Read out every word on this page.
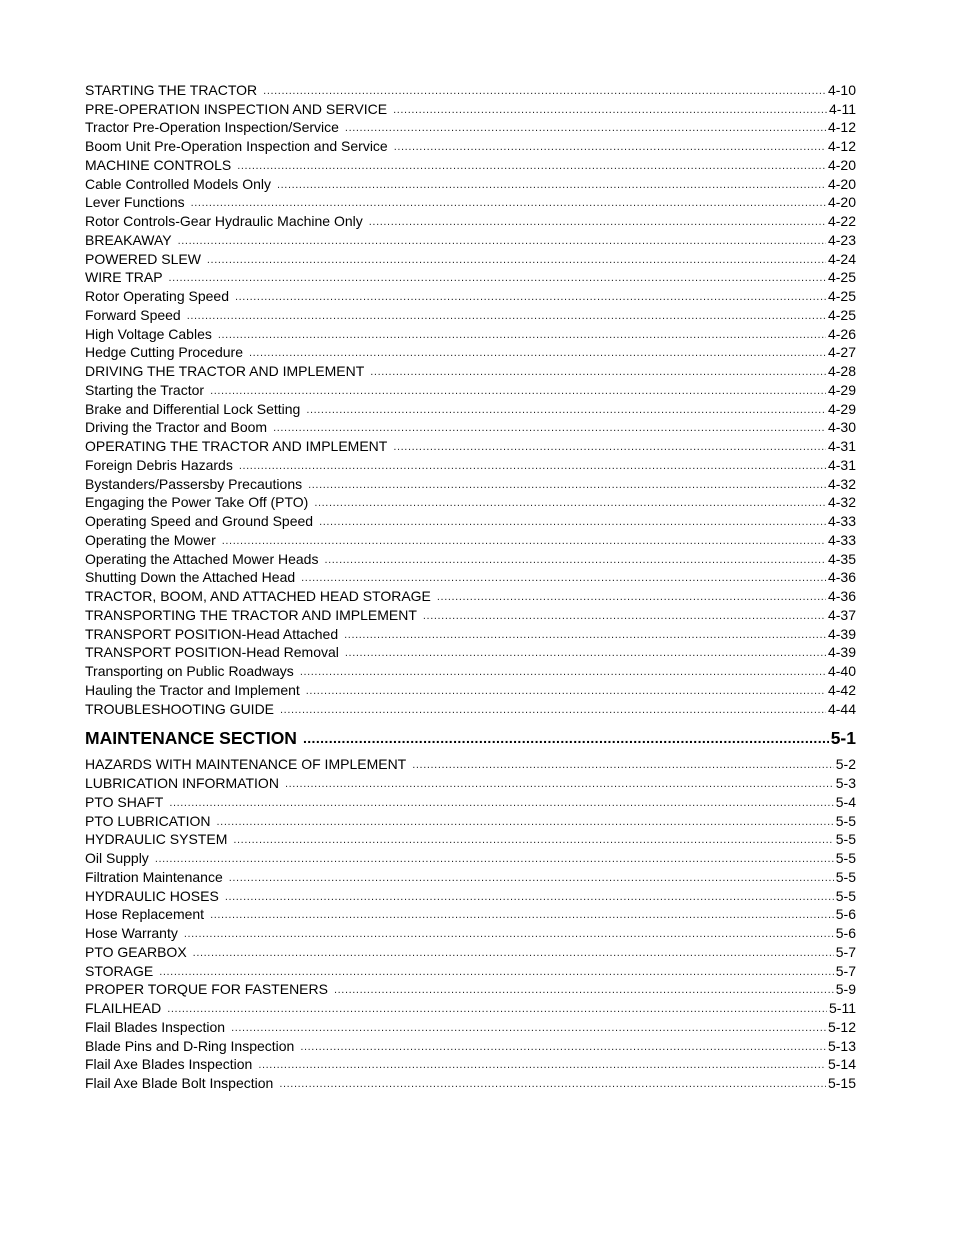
STARTING THE TRACTOR .....	4-10
PRE-OPERATION INSPECTION AND SERVICE .....	4-11
Tractor Pre-Operation Inspection/Service .....	4-12
Boom Unit Pre-Operation Inspection and Service .....	4-12
MACHINE CONTROLS .....	4-20
Cable Controlled Models Only .....	4-20
Lever Functions .....	4-20
Rotor Controls-Gear Hydraulic Machine Only .....	4-22
BREAKAWAY .....	4-23
POWERED SLEW .....	4-24
WIRE TRAP .....	4-25
Rotor Operating Speed .....	4-25
Forward Speed .....	4-25
High Voltage Cables .....	4-26
Hedge Cutting Procedure .....	4-27
DRIVING THE TRACTOR AND IMPLEMENT .....	4-28
Starting the Tractor .....	4-29
Brake and Differential Lock Setting .....	4-29
Driving the Tractor and Boom .....	4-30
OPERATING THE TRACTOR AND IMPLEMENT .....	4-31
Foreign Debris Hazards .....	4-31
Bystanders/Passersby Precautions .....	4-32
Engaging the Power Take Off (PTO) .....	4-32
Operating Speed and Ground Speed .....	4-33
Operating the Mower .....	4-33
Operating the Attached Mower Heads .....	4-35
Shutting Down the Attached Head .....	4-36
TRACTOR, BOOM, AND ATTACHED HEAD STORAGE .....	4-36
TRANSPORTING THE TRACTOR AND IMPLEMENT .....	4-37
TRANSPORT POSITION-Head Attached .....	4-39
TRANSPORT POSITION-Head Removal .....	4-39
Transporting on Public Roadways .....	4-40
Hauling the Tractor and Implement .....	4-42
TROUBLESHOOTING GUIDE .....	4-44
MAINTENANCE SECTION .....	5-1
HAZARDS WITH MAINTENANCE OF IMPLEMENT .....	5-2
LUBRICATION INFORMATION .....	5-3
PTO SHAFT .....	5-4
PTO LUBRICATION .....	5-5
HYDRAULIC SYSTEM .....	5-5
Oil Supply .....	5-5
Filtration Maintenance .....	5-5
HYDRAULIC HOSES .....	5-5
Hose Replacement .....	5-6
Hose Warranty .....	5-6
PTO GEARBOX .....	5-7
STORAGE .....	5-7
PROPER TORQUE FOR FASTENERS .....	5-9
FLAILHEAD .....	5-11
Flail Blades Inspection .....	5-12
Blade Pins and D-Ring Inspection .....	5-13
Flail Axe Blades Inspection .....	5-14
Flail Axe Blade Bolt Inspection .....	5-15
